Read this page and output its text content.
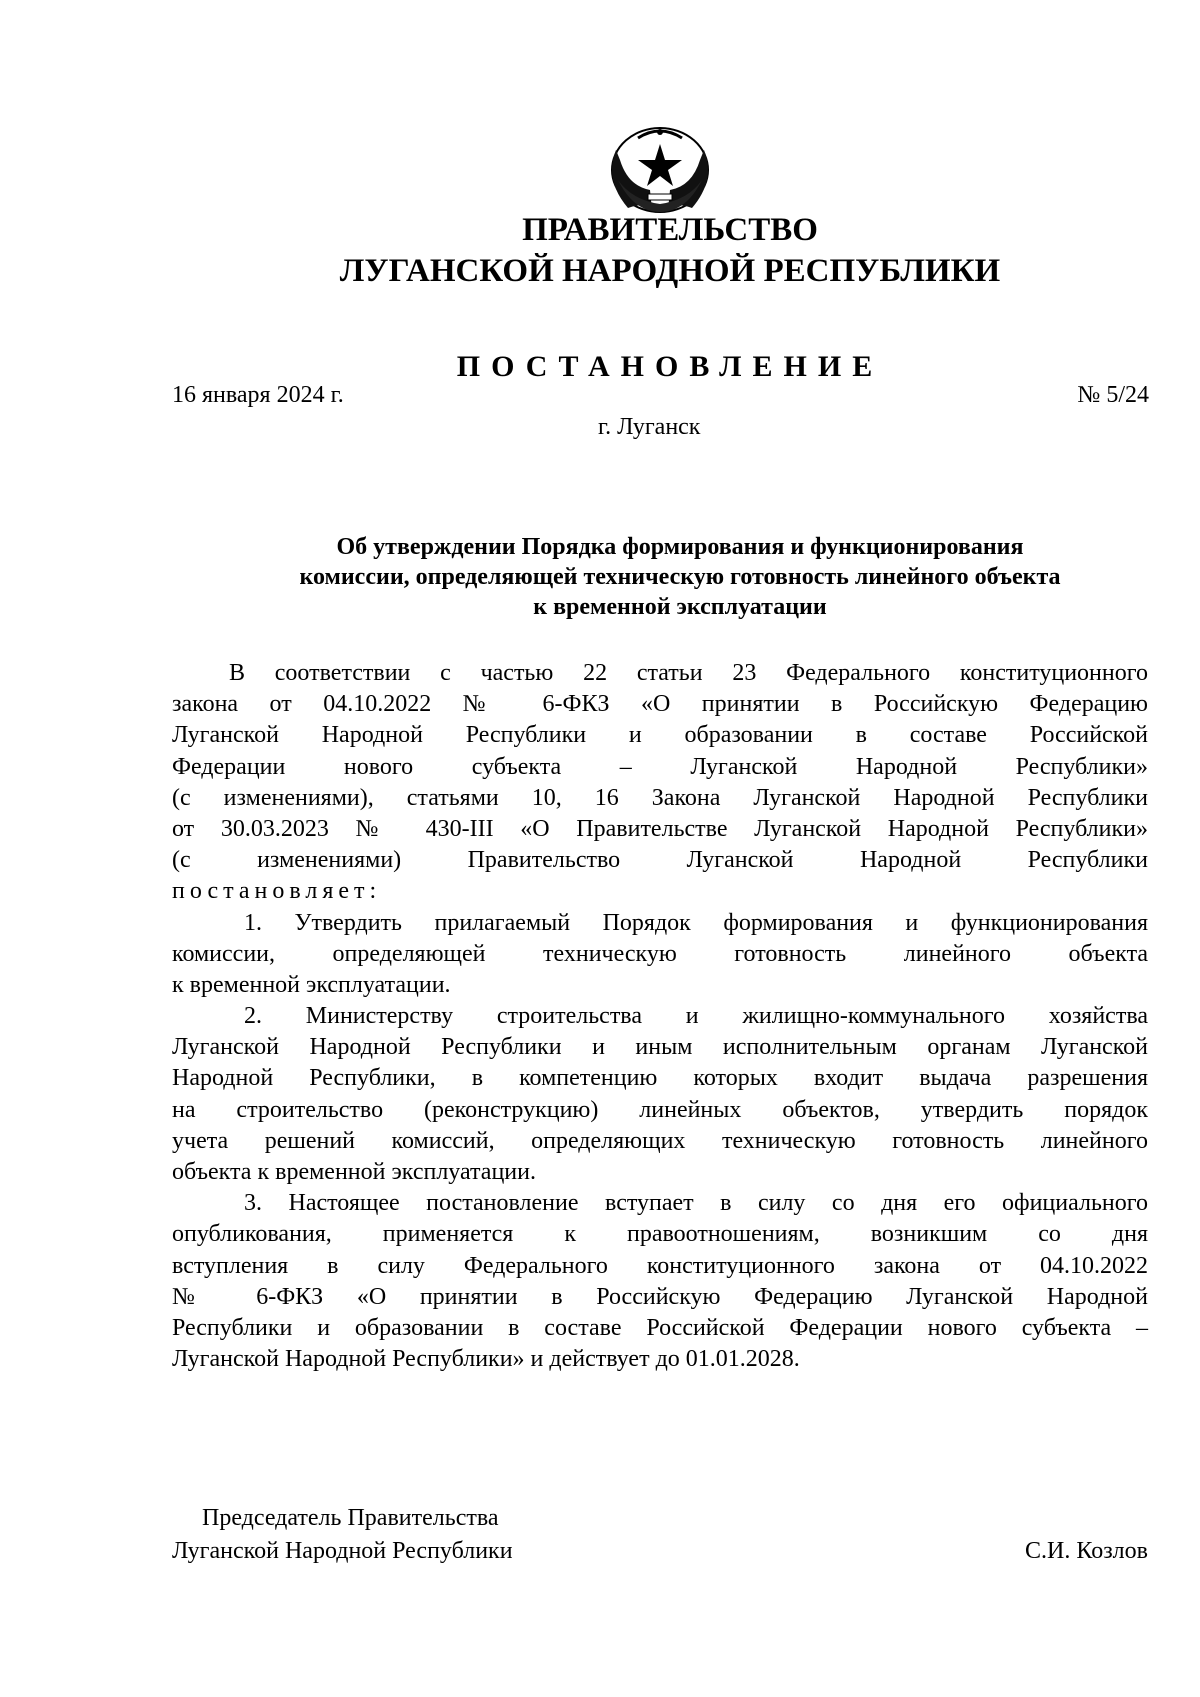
ПРАВИТЕЛЬСТВО
ЛУГАНСКОЙ НАРОДНОЙ РЕСПУБЛИКИ
ПОСТАНОВЛЕНИЕ
16 января 2024 г.	№ 5/24
г. Луганск
Об утверждении Порядка формирования и функционирования
комиссии, определяющей техническую готовность линейного объекта
к временной эксплуатации
В соответствии с частью 22 статьи 23 Федерального конституционного
закона от 04.10.2022 № 6-ФКЗ «О принятии в Российскую Федерацию
Луганской Народной Республики и образовании в составе Российской
Федерации нового субъекта – Луганской Народной Республики»
(с изменениями), статьями 10, 16 Закона Луганской Народной Республики
от 30.03.2023 № 430-III «О Правительстве Луганской Народной Республики»
(с изменениями) Правительство Луганской Народной Республики
постановляет:
1. Утвердить прилагаемый Порядок формирования и функционирования
комиссии, определяющей техническую готовность линейного объекта
к временной эксплуатации.
2. Министерству строительства и жилищно-коммунального хозяйства
Луганской Народной Республики и иным исполнительным органам Луганской
Народной Республики, в компетенцию которых входит выдача разрешения
на строительство (реконструкцию) линейных объектов, утвердить порядок
учета решений комиссий, определяющих техническую готовность линейного
объекта к временной эксплуатации.
3. Настоящее постановление вступает в силу со дня его официального
опубликования, применяется к правоотношениям, возникшим со дня
вступления в силу Федерального конституционного закона от 04.10.2022
№ 6-ФКЗ «О принятии в Российскую Федерацию Луганской Народной
Республики и образовании в составе Российской Федерации нового субъекта –
Луганской Народной Республики» и действует до 01.01.2028.
Председатель Правительства
Луганской Народной Республики	С.И. Козлов
